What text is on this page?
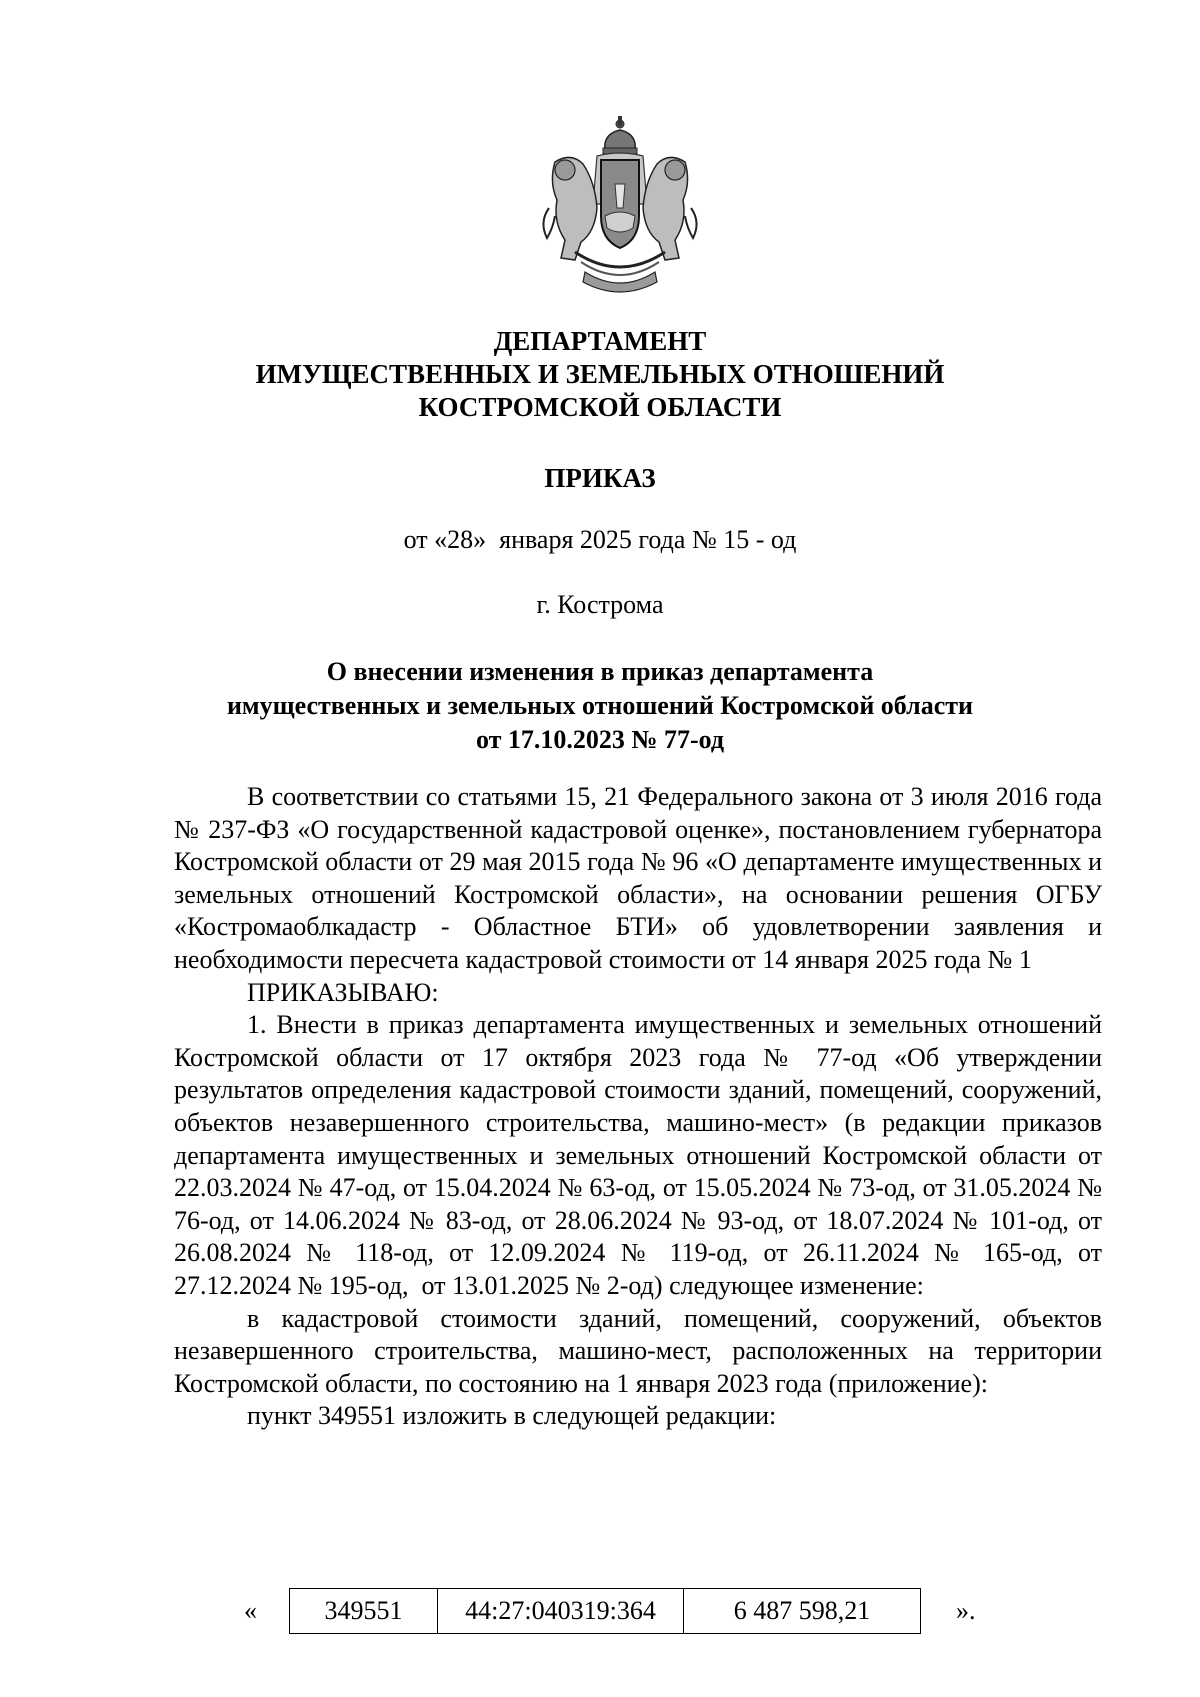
ДЕПАРТАМЕНТ
ИМУЩЕСТВЕННЫХ И ЗЕМЕЛЬНЫХ ОТНОШЕНИЙ
КОСТРОМСКОЙ ОБЛАСТИ
ПРИКАЗ
от «28»  января 2025 года № 15 - од
г. Кострома
О внесении изменения в приказ департамента
имущественных и земельных отношений Костромской области
от 17.10.2023 № 77-од

В соответствии со статьями 15, 21 Федерального закона от 3 июля 2016 года № 237-ФЗ «О государственной кадастровой оценке», постановлением губернатора Костромской области от 29 мая 2015 года № 96 «О департаменте имущественных и земельных отношений Костромской области», на основании решения ОГБУ «Костромаоблкадастр - Областное БТИ» об удовлетворении заявления и необходимости пересчета кадастровой стоимости от 14 января 2025 года № 1

ПРИКАЗЫВАЮ:

1. Внести в приказ департамента имущественных и земельных отношений Костромской области от 17 октября 2023 года № 77-од «Об утверждении результатов определения кадастровой стоимости зданий, помещений, сооружений, объектов незавершенного строительства, машино-мест» (в редакции приказов департамента имущественных и земельных отношений Костромской области от 22.03.2024 № 47-од, от 15.04.2024 № 63-од, от 15.05.2024 № 73-од, от 31.05.2024 № 76-од, от 14.06.2024 № 83-од, от 28.06.2024 № 93-од, от 18.07.2024 № 101-од, от 26.08.2024 № 118-од, от 12.09.2024 № 119-од, от 26.11.2024 № 165-од, от 27.12.2024 № 195-од,  от 13.01.2025 № 2-од) следующее изменение:

в кадастровой стоимости зданий, помещений, сооружений, объектов незавершенного строительства, машино-мест, расположенных на территории Костромской области, по состоянию на 1 января 2023 года (приложение):

пункт 349551 изложить в следующей редакции:

«	349551	44:27:040319:364	6 487 598,21	».
